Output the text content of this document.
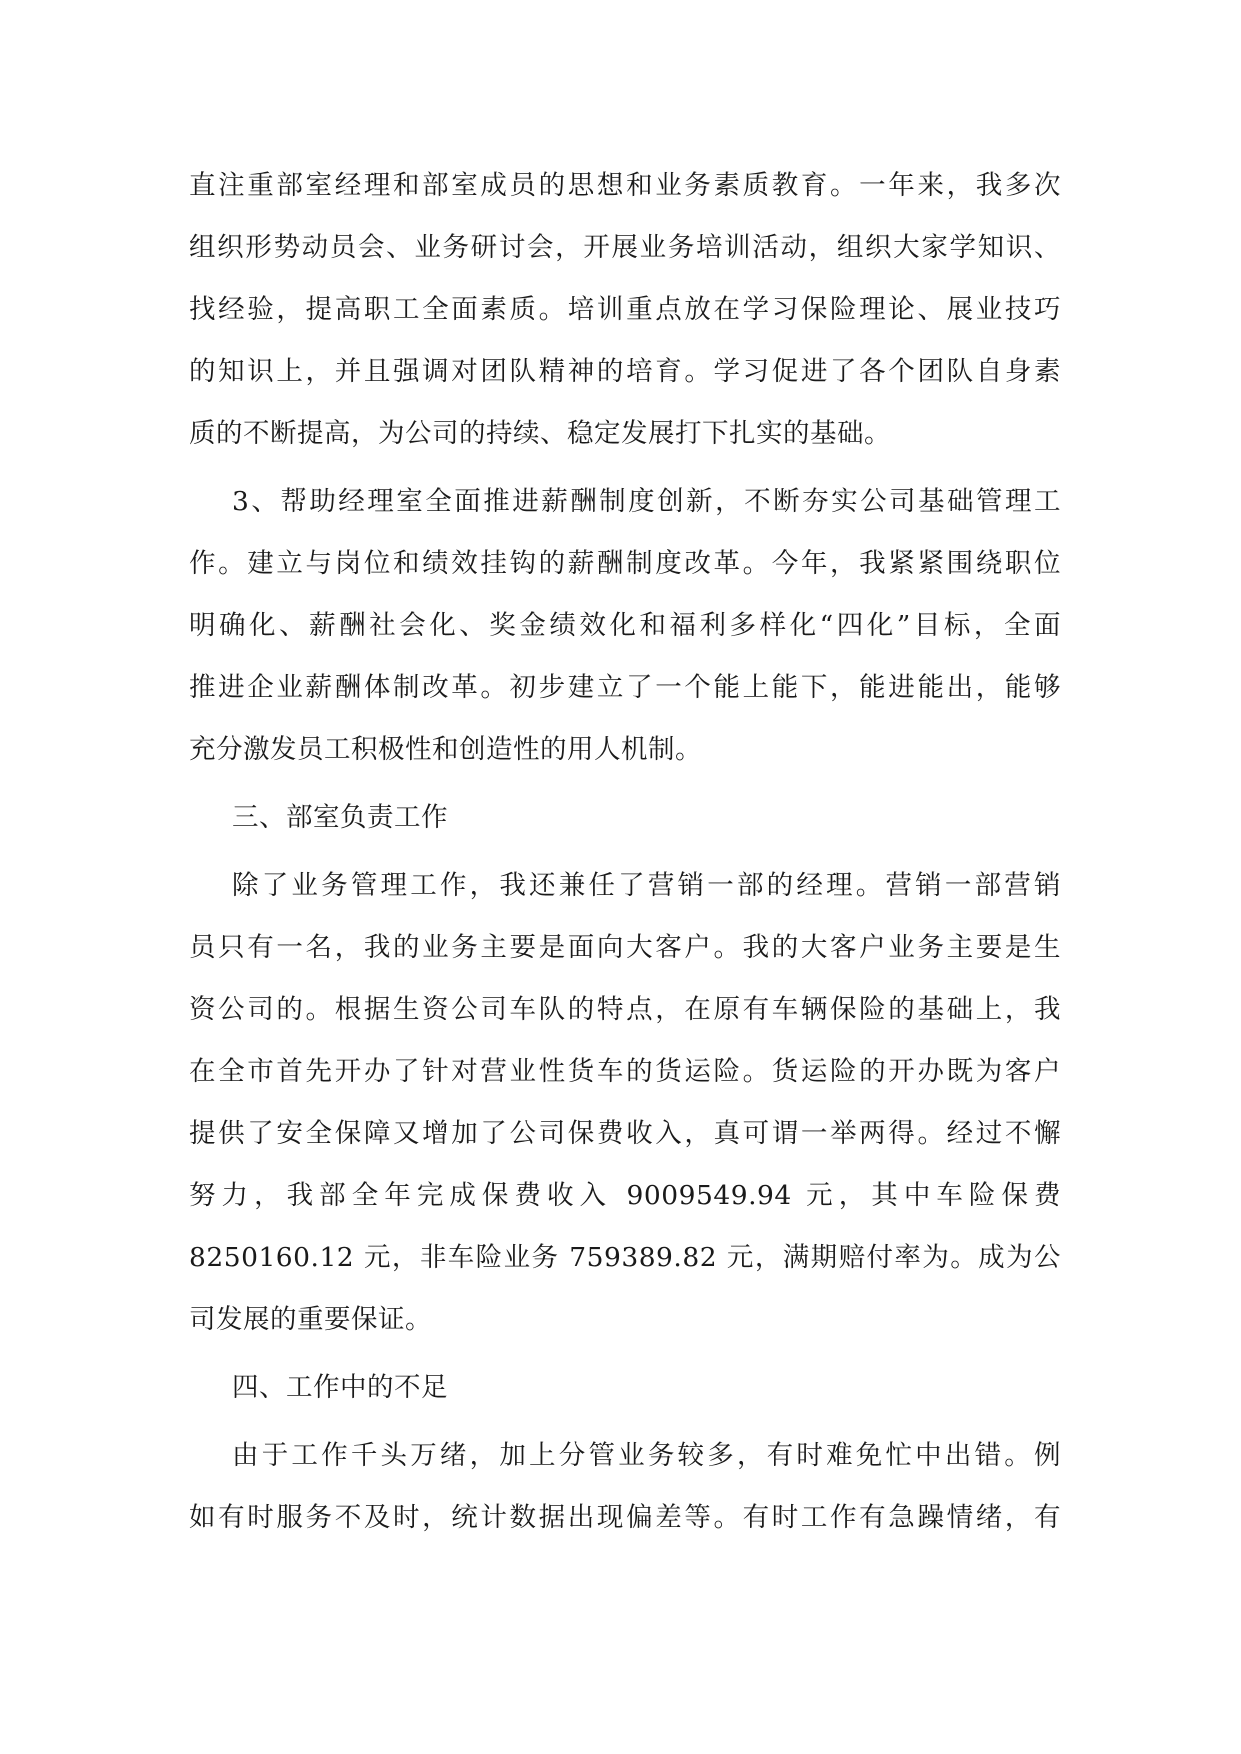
直注重部室经理和部室成员的思想和业务素质教育。一年来，我多次
组织形势动员会、业务研讨会，开展业务培训活动，组织大家学知识、
找经验，提高职工全面素质。培训重点放在学习保险理论、展业技巧
的知识上，并且强调对团队精神的培育。学习促进了各个团队自身素
质的不断提高，为公司的持续、稳定发展打下扎实的基础。
3、帮助经理室全面推进薪酬制度创新，不断夯实公司基础管理工
作。建立与岗位和绩效挂钩的薪酬制度改革。今年，我紧紧围绕职位
明确化、薪酬社会化、奖金绩效化和福利多样化“四化”目标，全面
推进企业薪酬体制改革。初步建立了一个能上能下，能进能出，能够
充分激发员工积极性和创造性的用人机制。
三、部室负责工作
除了业务管理工作，我还兼任了营销一部的经理。营销一部营销
员只有一名，我的业务主要是面向大客户。我的大客户业务主要是生
资公司的。根据生资公司车队的特点，在原有车辆保险的基础上，我
在全市首先开办了针对营业性货车的货运险。货运险的开办既为客户
提供了安全保障又增加了公司保费收入，真可谓一举两得。经过不懈
努力，我部全年完成保费收入 9009549.94 元，其中车险保费
8250160.12 元，非车险业务 759389.82 元，满期赔付率为。成为公
司发展的重要保证。
四、工作中的不足
由于工作千头万绪，加上分管业务较多，有时难免忙中出错。例
如有时服务不及时，统计数据出现偏差等。有时工作有急躁情绪，有
